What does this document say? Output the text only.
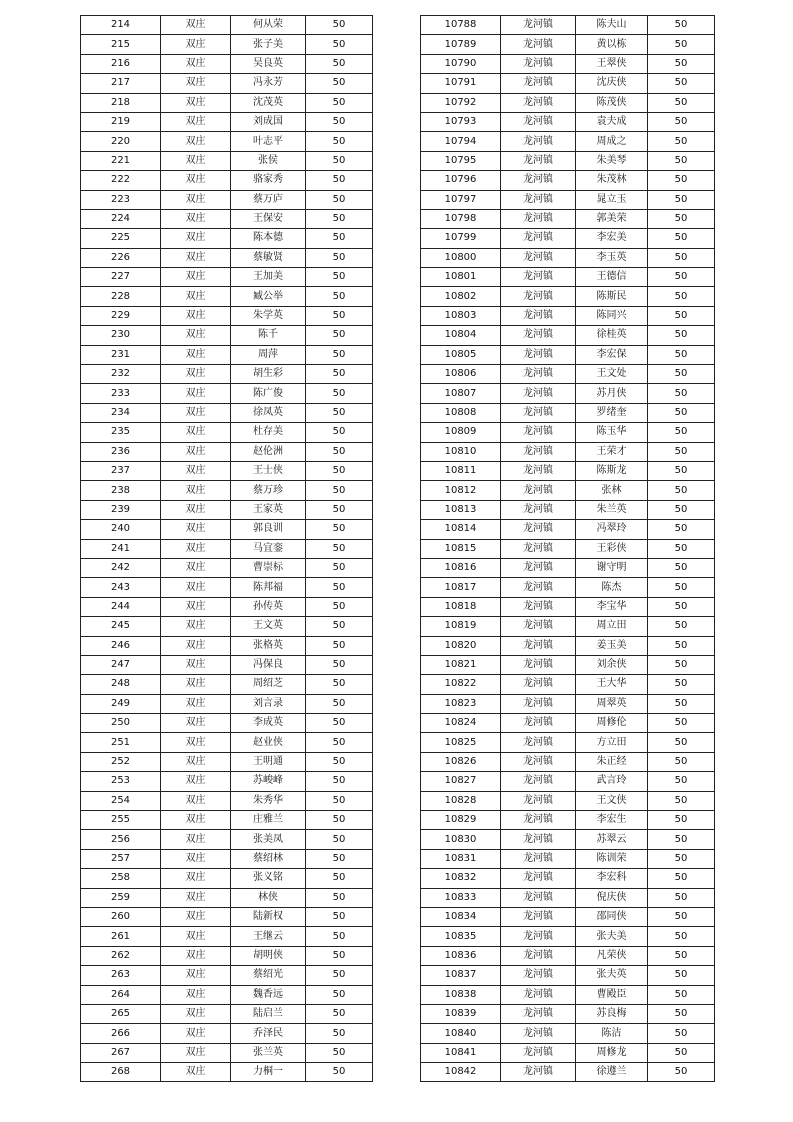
214	双庄	何从荣	50
215	双庄	张子美	50
216	双庄	吴良英	50
217	双庄	冯永芳	50
218	双庄	沈茂英	50
219	双庄	刘成国	50
220	双庄	叶志平	50
221	双庄	张侯	50
222	双庄	骆家秀	50
223	双庄	蔡万庐	50
224	双庄	王保安	50
225	双庄	陈本德	50
226	双庄	蔡敏贤	50
227	双庄	王加美	50
228	双庄	臧公举	50
229	双庄	朱学英	50
230	双庄	陈千	50
231	双庄	周萍	50
232	双庄	胡生彩	50
233	双庄	陈广俊	50
234	双庄	徐凤英	50
235	双庄	杜存美	50
236	双庄	赵伦洲	50
237	双庄	王士侠	50
238	双庄	蔡万珍	50
239	双庄	王家英	50
240	双庄	郭良训	50
241	双庄	马宜銮	50
242	双庄	曹崇标	50
243	双庄	陈邦福	50
244	双庄	孙传英	50
245	双庄	王文英	50
246	双庄	张格英	50
247	双庄	冯保良	50
248	双庄	周绍芝	50
249	双庄	刘言录	50
250	双庄	李成英	50
251	双庄	赵业侠	50
252	双庄	王明通	50
253	双庄	苏峻峰	50
254	双庄	朱秀华	50
255	双庄	庄雅兰	50
256	双庄	张美凤	50
257	双庄	蔡绍林	50
258	双庄	张义铭	50
259	双庄	林侠	50
260	双庄	陆新权	50
261	双庄	王继云	50
262	双庄	胡明侠	50
263	双庄	蔡绍光	50
264	双庄	魏香远	50
265	双庄	陆启兰	50
266	双庄	乔泽民	50
267	双庄	张兰英	50
268	双庄	力桐一	50
10788	龙河镇	陈夫山	50
10789	龙河镇	黄以栋	50
10790	龙河镇	王翠侠	50
10791	龙河镇	沈庆侠	50
10792	龙河镇	陈茂侠	50
10793	龙河镇	袁夫成	50
10794	龙河镇	周成之	50
10795	龙河镇	朱美琴	50
10796	龙河镇	朱茂林	50
10797	龙河镇	晁立玉	50
10798	龙河镇	郭美荣	50
10799	龙河镇	李宏美	50
10800	龙河镇	李玉英	50
10801	龙河镇	王德信	50
10802	龙河镇	陈斯民	50
10803	龙河镇	陈同兴	50
10804	龙河镇	徐桂英	50
10805	龙河镇	李宏保	50
10806	龙河镇	王文处	50
10807	龙河镇	苏月侠	50
10808	龙河镇	罗绪奎	50
10809	龙河镇	陈玉华	50
10810	龙河镇	王荣才	50
10811	龙河镇	陈斯龙	50
10812	龙河镇	张林	50
10813	龙河镇	朱兰英	50
10814	龙河镇	冯翠玲	50
10815	龙河镇	王彩侠	50
10816	龙河镇	谢守明	50
10817	龙河镇	陈杰	50
10818	龙河镇	李宝华	50
10819	龙河镇	周立田	50
10820	龙河镇	姜玉美	50
10821	龙河镇	刘余侠	50
10822	龙河镇	王大华	50
10823	龙河镇	周翠英	50
10824	龙河镇	周修伦	50
10825	龙河镇	方立田	50
10826	龙河镇	朱正经	50
10827	龙河镇	武言玲	50
10828	龙河镇	王文侠	50
10829	龙河镇	李宏生	50
10830	龙河镇	苏翠云	50
10831	龙河镇	陈训荣	50
10832	龙河镇	李宏科	50
10833	龙河镇	倪庆侠	50
10834	龙河镇	邵同侠	50
10835	龙河镇	张夫美	50
10836	龙河镇	凡荣侠	50
10837	龙河镇	张夫英	50
10838	龙河镇	曹殿臣	50
10839	龙河镇	苏良梅	50
10840	龙河镇	陈洁	50
10841	龙河镇	周修龙	50
10842	龙河镇	徐遵兰	50
